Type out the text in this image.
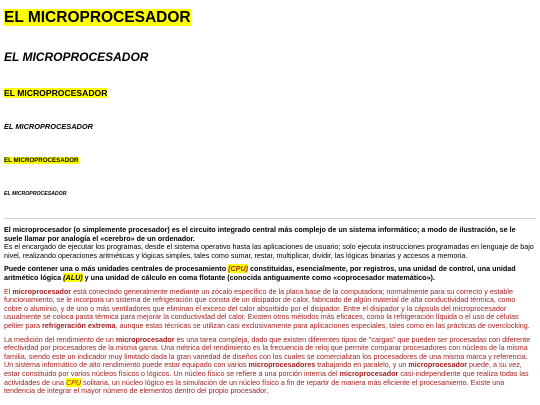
EL MICROPROCESADOR
EL MICROPROCESADOR
EL MICROPROCESADOR
EL MICROPROCESADOR
EL MICROPROCESADOR
EL MICROPROCESADOR

El microprocesador (o simplemente procesador) es el circuito integrado central más complejo de un sistema informático; a modo de ilustración, se le suele llamar por analogía el «cerebro» de un ordenador.
Es el encargado de ejecutar los programas, desde el sistema operativo hasta las aplicaciones de usuario; solo ejecuta instrucciones programadas en lenguaje de bajo nivel, realizando operaciones aritméticas y lógicas simples, tales como sumar, restar, multiplicar, dividir, las lógicas binarias y accesos a memoria.

Puede contener una o más unidades centrales de procesamiento (CPU) constituidas, esencialmente, por registros, una unidad de control, una unidad aritmético lógica (ALU) y una unidad de cálculo en coma flotante (conocida antiguamente como «coprocesador matemático»).

El microprocesador está conectado generalmente mediante un zócalo específico de la placa base de la computadora; normalmente para su correcto y estable funcionamiento, se le incorpora un sistema de refrigeración que consta de un disipador de calor, fabricado de algún material de alta conductividad térmica, como cobre o aluminio, y de uno o más ventiladores que eliminan el exceso del calor absorbido por el disipador. Entre el disipador y la cápsula del microprocesador usualmente se coloca pasta térmica para mejorar la conductividad del calor. Existen otros métodos más eficaces, como la refrigeración líquida o el uso de células peltier para refrigeración extrema, aunque estas técnicas se utilizan casi exclusivamente para aplicaciones especiales, tales como en las prácticas de overclocking.

La medición del rendimiento de un microprocesador es una tarea compleja, dado que existen diferentes tipos de "cargas" que pueden ser procesadas con diferente efectividad por procesadores de la misma gama. Una métrica del rendimiento es la frecuencia de reloj que permite comparar procesadores con núcleos de la misma familia, siendo este un indicador muy limitado dada la gran variedad de diseños con los cuales se comercializan los procesadores de una misma marca y referencia. Un sistema informático de alto rendimiento puede estar equipado con varios microprocesadores trabajando en paralelo, y un microprocesador puede, a su vez, estar constituido por varios núcleos físicos o lógicos. Un núcleo físico se refiere a una porción interna del microprocesador casi-independiente que realiza todas las actividades de una CPU solitaria, un núcleo lógico es la simulación de un núcleo físico a fin de repartir de manera más eficiente el procesamiento. Existe una tendencia de integrar el mayor número de elementos dentro del propio procesador,
